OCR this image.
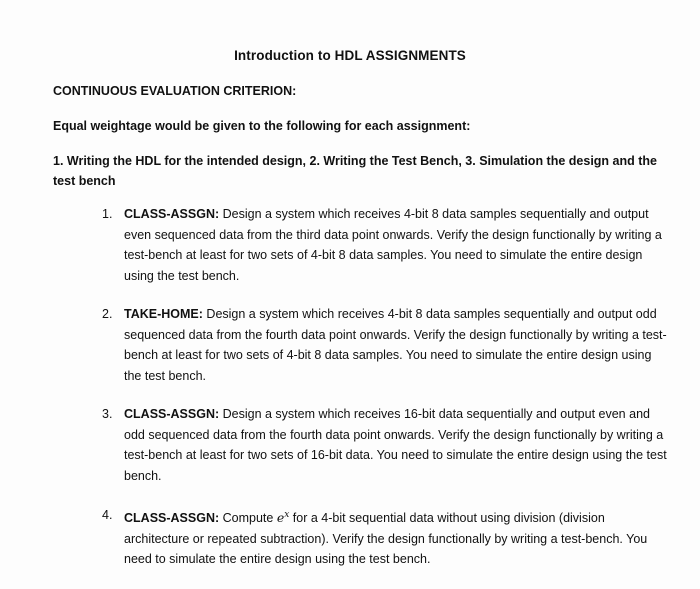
Introduction to HDL ASSIGNMENTS
CONTINUOUS EVALUATION CRITERION:
Equal weightage would be given to the following for each assignment:
1. Writing the HDL for the intended design, 2. Writing the Test Bench, 3. Simulation the design and the test bench
1. CLASS-ASSGN: Design a system which receives 4-bit 8 data samples sequentially and output even sequenced data from the third data point onwards. Verify the design functionally by writing a test-bench at least for two sets of 4-bit 8 data samples. You need to simulate the entire design using the test bench.
2. TAKE-HOME: Design a system which receives 4-bit 8 data samples sequentially and output odd sequenced data from the fourth data point onwards. Verify the design functionally by writing a test-bench at least for two sets of 4-bit 8 data samples. You need to simulate the entire design using the test bench.
3. CLASS-ASSGN: Design a system which receives 16-bit data sequentially and output even and odd sequenced data from the fourth data point onwards. Verify the design functionally by writing a test-bench at least for two sets of 16-bit data. You need to simulate the entire design using the test bench.
4. CLASS-ASSGN: Compute $e^x$ for a 4-bit sequential data without using division (division architecture or repeated subtraction). Verify the design functionally by writing a test-bench. You need to simulate the entire design using the test bench.
